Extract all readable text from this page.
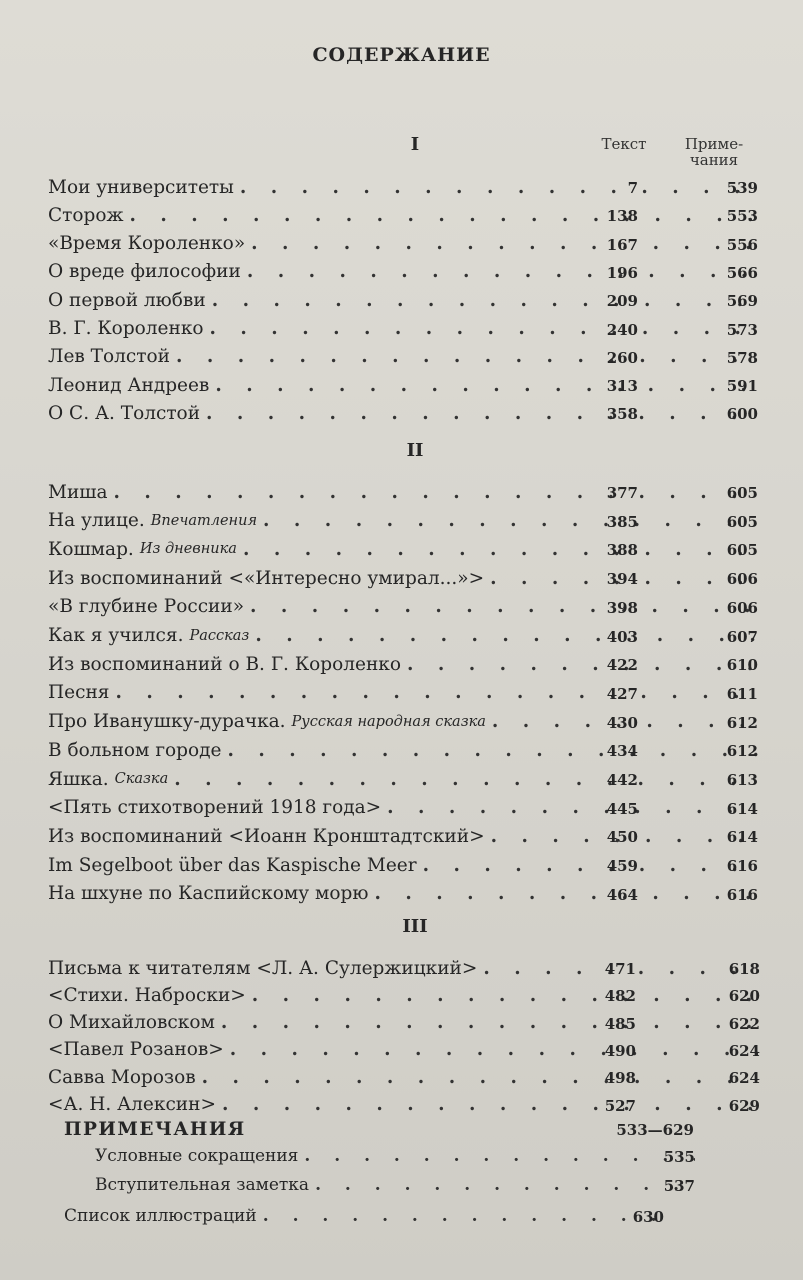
СОДЕРЖАНИЕ
Текст	Приме-чания
I
Мои университеты . . .	7	539
Сторож . . .	138	553
«Время Короленко» . . .	167	556
О вреде философии . . .	196	566
О первой любви . . .	209	569
В. Г. Короленко . . .	240	573
Лев Толстой . . .	260	578
Леонид Андреев . . .	313	591
О С. А. Толстой . . .	358	600
II
Миша . . .	377	605
На улице. Впечатления . . .	385	605
Кошмар. Из дневника . . .	388	605
Из воспоминаний <«Интересно умирал...»> . . .	394	606
«В глубине России» . . .	398	606
Как я учился. Рассказ . . .	403	607
Из воспоминаний о В. Г. Короленко . . .	422	610
Песня . . .	427	611
Про Иванушку-дурачка. Русская народная сказка . . .	430	612
В больном городе . . .	434	612
Яшка. Сказка . . .	442	613
<Пять стихотворений 1918 года> . . .	445	614
Из воспоминаний <Иоанн Кронштадтский> . . .	450	614
Im Segelboot über das Kaspische Meer . . .	459	616
На шхуне по Каспийскому морю . . .	464	616
III
Письма к читателям <Л. А. Сулержицкий> . . .	471	618
<Стихи. Наброски> . . .	482	620
О Михайловском . . .	485	622
<Павел Розанов> . . .	490	624
Савва Морозов . . .	498	624
<А. Н. Алексин> . . .	527	629
ПРИМЕЧАНИЯ	533—629
Условные сокращения . . .	535
Вступительная заметка . . .	537
Список иллюстраций . . .	630
